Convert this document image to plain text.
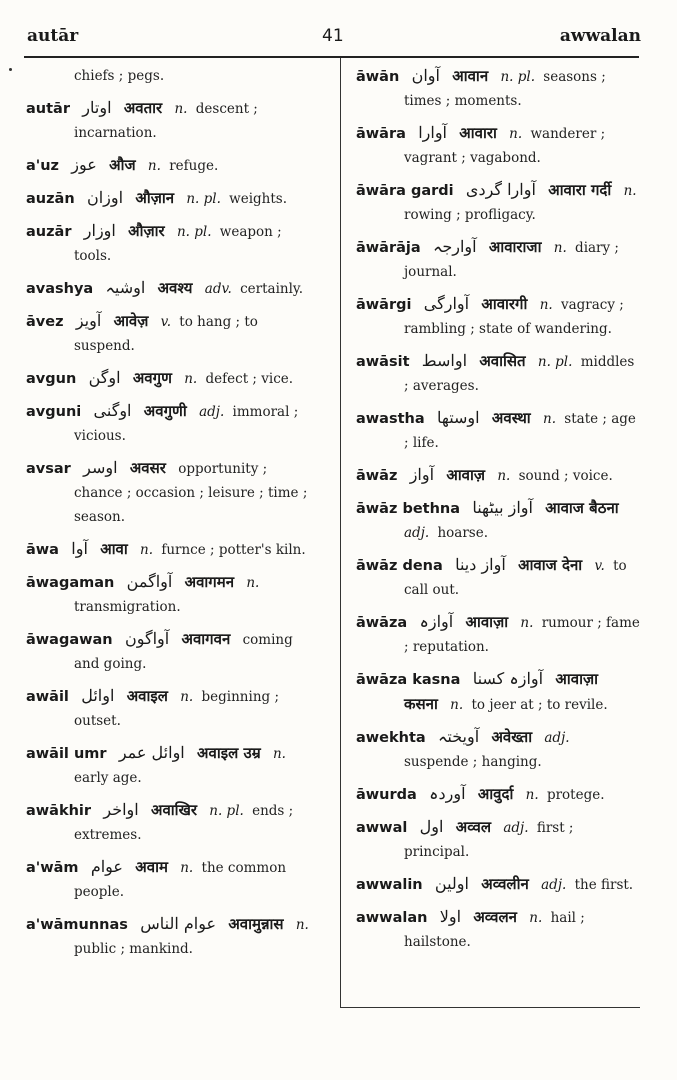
autār	41	awwalan
chiefs ; pegs.
autār اوتار अवतार n. descent ; incarnation.
a'uz عوز औज n. refuge.
auzān اوزان औज़ान n. pl. weights.
auzār اوزار औज़ार n. pl. weapon ; tools.
avashya اوشیہ अवश्य adv. certainly.
āvez آویز आवेज़ v. to hang ; to suspend.
avgun اوگن अवगुण n. defect ; vice.
avguni اوگنی अवगुणी adj. immoral ; vicious.
avsar اوسر अवसर opportunity ; chance ; occasion ; leisure ; time ; season.
āwa آوا आवा n. furnce ; potter's kiln.
āwagaman آواگمن अवागमन n. transmigration.
āwagawan آواگون अवागवन coming and going.
awāil اوائل अवाइल n. beginning ; outset.
awāil umr اوائل عمر अवाइल उम्र n. early age.
awākhir اواخر अवाखिर n. pl. ends ; extremes.
a'wām عوام अवाम n. the common people.
a'wāmunnas عوام الناس अवामुन्नास n. public ; mankind.
āwān آوان आवान n. pl. seasons ; times ; moments.
āwāra آوارا आवारा n. wanderer ; vagrant ; vagabond.
āwāra gardi آوارا گردی आवारा गर्दी n. rowing ; profligacy.
āwārāja آوارجہ आवाराजा n. diary ; journal.
āwārgi آوارگی आवारगी n. vagracy ; rambling ; state of wandering.
awāsit اواسط अवासित n. pl. middles ; averages.
awastha اوستھا अवस्था n. state ; age ; life.
āwāz آواز आवाज़ n. sound ; voice.
āwāz bethna آواز بیٹھنا आवाज बैठना adj. hoarse.
āwāz dena آواز دینا आवाज देना v. to call out.
āwāza آوازہ आवाज़ा n. rumour ; fame ; reputation.
āwāza kasna آوازہ کسنا आवाज़ा कसना n. to jeer at ; to revile.
awekhta آویختہ अवेख्ता adj. suspende ; hanging.
āwurda آوردہ आवुर्दा n. protege.
awwal اول अव्वल adj. first ; principal.
awwalin اولین अव्वलीन adj. the first.
awwalan اولا अव्वलन n. hail ; hailstone.
